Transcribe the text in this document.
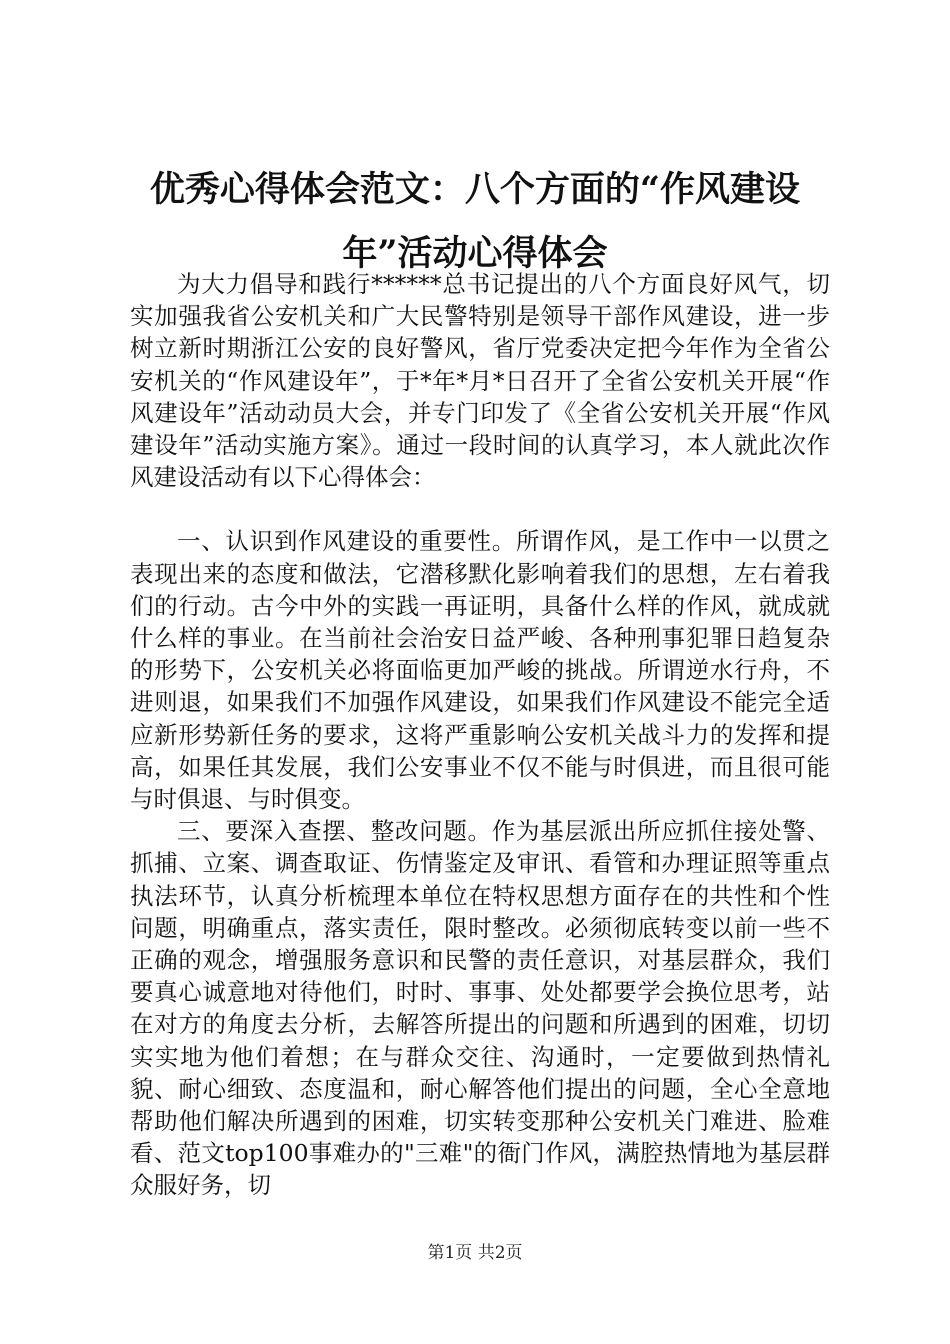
优秀心得体会范文：八个方面的“作风建设
年”活动心得体会

为大力倡导和践行******总书记提出的八个方面良好风气，切实加强我省公安机关和广大民警特别是领导干部作风建设，进一步树立新时期浙江公安的良好警风，省厅党委决定把今年作为全省公安机关的“作风建设年”，于*年*月*日召开了全省公安机关开展“作风建设年”活动动员大会，并专门印发了《全省公安机关开展“作风建设年”活动实施方案》。通过一段时间的认真学习，本人就此次作风建设活动有以下心得体会：

一、认识到作风建设的重要性。所谓作风，是工作中一以贯之表现出来的态度和做法，它潜移默化影响着我们的思想，左右着我们的行动。古今中外的实践一再证明，具备什么样的作风，就成就什么样的事业。在当前社会治安日益严峻、各种刑事犯罪日趋复杂的形势下，公安机关必将面临更加严峻的挑战。所谓逆水行舟，不进则退，如果我们不加强作风建设，如果我们作风建设不能完全适应新形势新任务的要求，这将严重影响公安机关战斗力的发挥和提高，如果任其发展，我们公安事业不仅不能与时俱进，而且很可能与时俱退、与时俱变。

三、要深入查摆、整改问题。作为基层派出所应抓住接处警、抓捕、立案、调查取证、伤情鉴定及审讯、看管和办理证照等重点执法环节，认真分析梳理本单位在特权思想方面存在的共性和个性问题，明确重点，落实责任，限时整改。必须彻底转变以前一些不正确的观念，增强服务意识和民警的责任意识，对基层群众，我们要真心诚意地对待他们，时时、事事、处处都要学会换位思考，站在对方的角度去分析，去解答所提出的问题和所遇到的困难，切切实实地为他们着想；在与群众交往、沟通时，一定要做到热情礼貌、耐心细致、态度温和，耐心解答他们提出的问题，全心全意地帮助他们解决所遇到的困难，切实转变那种公安机关门难进、脸难看、范文top100事难办的"三难"的衙门作风，满腔热情地为基层群众服好务，切

第1页 共2页
